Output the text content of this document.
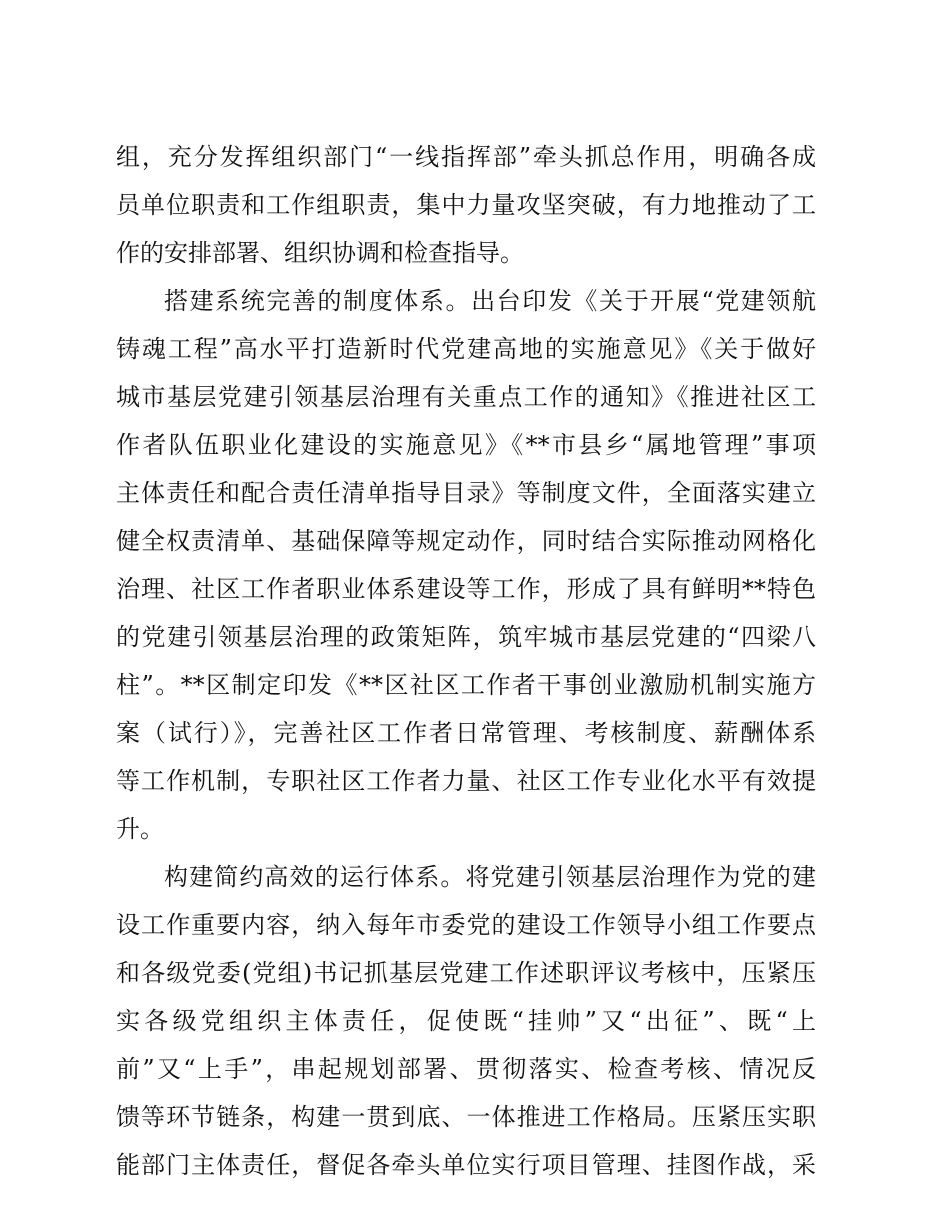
组，充分发挥组织部门“一线指挥部”牵头抓总作用，明确各成
员单位职责和工作组职责，集中力量攻坚突破，有力地推动了工
作的安排部署、组织协调和检查指导。
搭建系统完善的制度体系。出台印发《关于开展“党建领航
铸魂工程”高水平打造新时代党建高地的实施意见》《关于做好
城市基层党建引领基层治理有关重点工作的通知》《推进社区工
作者队伍职业化建设的实施意见》《**市县乡“属地管理”事项
主体责任和配合责任清单指导目录》等制度文件，全面落实建立
健全权责清单、基础保障等规定动作，同时结合实际推动网格化
治理、社区工作者职业体系建设等工作，形成了具有鲜明**特色
的党建引领基层治理的政策矩阵，筑牢城市基层党建的“四梁八
柱”。**区制定印发《**区社区工作者干事创业激励机制实施方
案（试行）》，完善社区工作者日常管理、考核制度、薪酬体系
等工作机制，专职社区工作者力量、社区工作专业化水平有效提
升。
构建简约高效的运行体系。将党建引领基层治理作为党的建
设工作重要内容，纳入每年市委党的建设工作领导小组工作要点
和各级党委(党组)书记抓基层党建工作述职评议考核中，压紧压
实各级党组织主体责任，促使既“挂帅”又“出征”、既“上
前”又“上手”，串起规划部署、贯彻落实、检查考核、情况反
馈等环节链条，构建一贯到底、一体推进工作格局。压紧压实职
能部门主体责任，督促各牵头单位实行项目管理、挂图作战，采
